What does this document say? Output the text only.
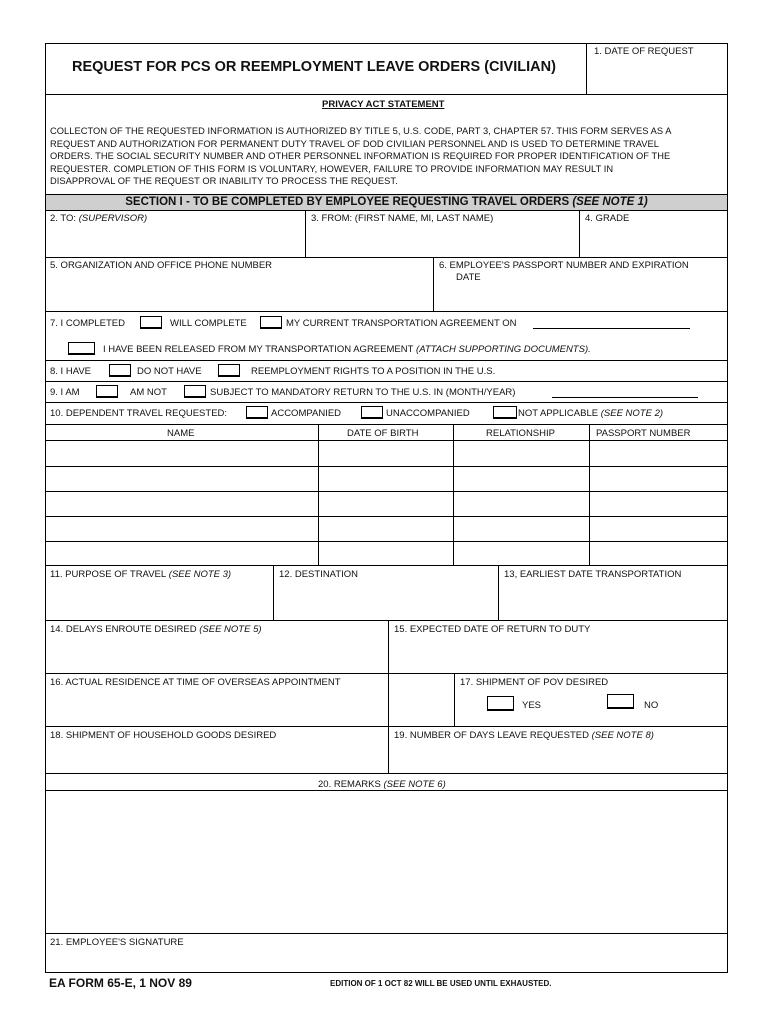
REQUEST FOR PCS OR REEMPLOYMENT LEAVE ORDERS (CIVILIAN)
1. DATE OF REQUEST
PRIVACY ACT STATEMENT
COLLECTON OF THE REQUESTED INFORMATION IS AUTHORIZED BY TITLE 5, U.S. CODE, PART 3, CHAPTER 57. THIS FORM SERVES AS A
REQUEST AND AUTHORIZATION FOR PERMANENT DUTY TRAVEL OF DOD CIVILIAN PERSONNEL AND IS USED TO DETERMINE TRAVEL
ORDERS. THE SOCIAL SECURITY NUMBER AND OTHER PERSONNEL INFORMATION IS REQUIRED FOR PROPER IDENTIFICATION OF THE
REQUESTER. COMPLETION OF THIS FORM IS VOLUNTARY, HOWEVER, FAILURE TO PROVIDE INFORMATION MAY RESULT IN
DISAPPROVAL OF THE REQUEST OR INABILITY TO PROCESS THE REQUEST.
SECTION I - TO BE COMPLETED BY EMPLOYEE REQUESTING TRAVEL ORDERS (SEE NOTE 1)
2. TO: (SUPERVISOR)	3. FROM: (FIRST NAME, MI, LAST NAME)	4. GRADE
5. ORGANIZATION AND OFFICE PHONE NUMBER	6. EMPLOYEE'S PASSPORT NUMBER AND EXPIRATION
DATE
7. I COMPLETED	WILL COMPLETE	MY CURRENT TRANSPORTATION AGREEMENT ON
I HAVE BEEN RELEASED FROM MY TRANSPORTATION AGREEMENT (ATTACH SUPPORTING DOCUMENTS).
8. I HAVE	DO NOT HAVE	REEMPLOYMENT RIGHTS TO A POSITION IN THE U.S.
9. I AM	AM NOT	SUBJECT TO MANDATORY RETURN TO THE U.S. IN (MONTH/YEAR)
10. DEPENDENT TRAVEL REQUESTED:	ACCOMPANIED	UNACCOMPANIED	NOT APPLICABLE (SEE NOTE 2)
NAME	DATE OF BIRTH	RELATIONSHIP	PASSPORT NUMBER
11. PURPOSE OF TRAVEL (SEE NOTE 3)	12. DESTINATION	13, EARLIEST DATE TRANSPORTATION
14. DELAYS ENROUTE DESIRED (SEE NOTE 5)	15. EXPECTED DATE OF RETURN TO DUTY
16. ACTUAL RESIDENCE AT TIME OF OVERSEAS APPOINTMENT	17. SHIPMENT OF POV DESIRED
YES	NO
18. SHIPMENT OF HOUSEHOLD GOODS DESIRED	19. NUMBER OF DAYS LEAVE REQUESTED (SEE NOTE 8)
20. REMARKS (SEE NOTE 6)
21. EMPLOYEE'S SIGNATURE
EA FORM 65-E, 1 NOV 89	EDITION OF 1 OCT 82 WILL BE USED UNTIL EXHAUSTED.
